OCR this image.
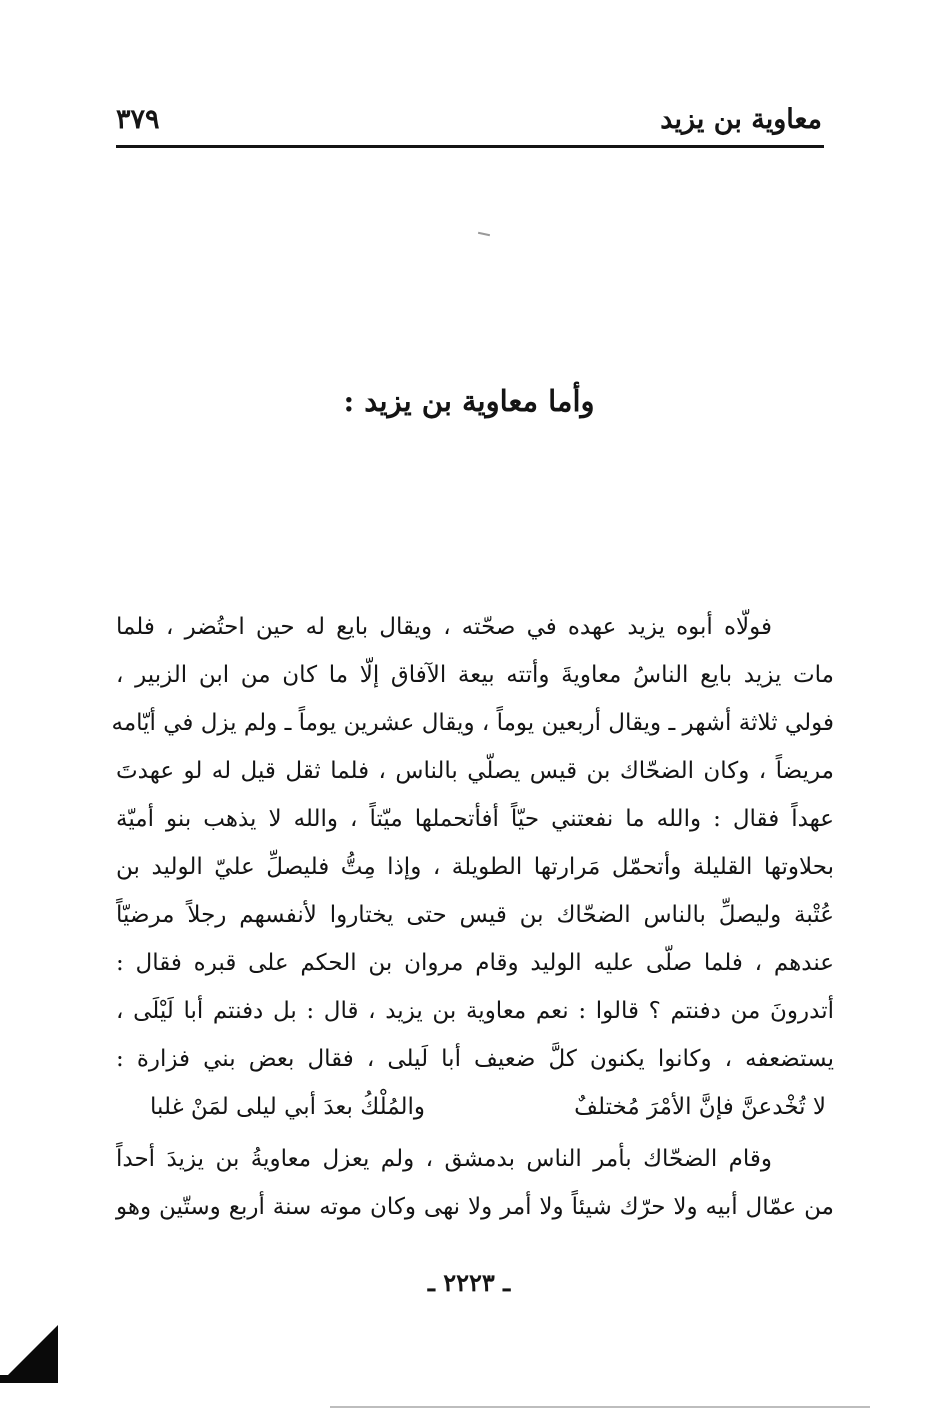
معاوية بن يزيد
٣٧٩
وأما معاوية بن يزيد :
فولّاه أبوه يزيد عهده في صحّته ، ويقال بايع له حين احتُضر ، فلما
مات يزيد بايع الناسُ معاويةَ وأتته بيعة الآفاق إلّا ما كان من ابن الزبير ،
فولي ثلاثة أشهر ـ ويقال أربعين يوماً ، ويقال عشرين يوماً ـ ولم يزل في أيّامه
مريضاً ، وكان الضحّاك بن قيس يصلّي بالناس ، فلما ثقل قيل له لو عهدتَ
عهداً فقال : والله ما نفعتني حيّاً أفأتحملها ميّتاً ، والله لا يذهب بنو أميّة
بحلاوتها القليلة وأتحمّل مَرارتها الطويلة ، وإذا مِتُّ فليصلِّ عليّ الوليد بن
عُتْبة وليصلِّ بالناس الضحّاك بن قيس حتى يختاروا لأنفسهم رجلاً مرضيّاً
عندهم ، فلما صلّى عليه الوليد وقام مروان بن الحكم على قبره فقال :
أتدرونَ من دفنتم ؟ قالوا : نعم معاوية بن يزيد ، قال : بل دفنتم أبا لَيْلَى ،
يستضعفه ، وكانوا يكنون كلَّ ضعيف أبا لَيلى ، فقال بعض بني فزارة :
لا تُخْدعنَّ فإنَّ الأمْرَ مُختلفٌ
والمُلْكُ بعدَ أبي ليلى لمَنْ غلبا
وقام الضحّاك بأمر الناس بدمشق ، ولم يعزل معاويةُ بن يزيدَ أحداً
من عمّال أبيه ولا حرّك شيئاً ولا أمر ولا نهى وكان موته سنة أربع وستّين وهو
ـ ٢٢٢٣ ـ
